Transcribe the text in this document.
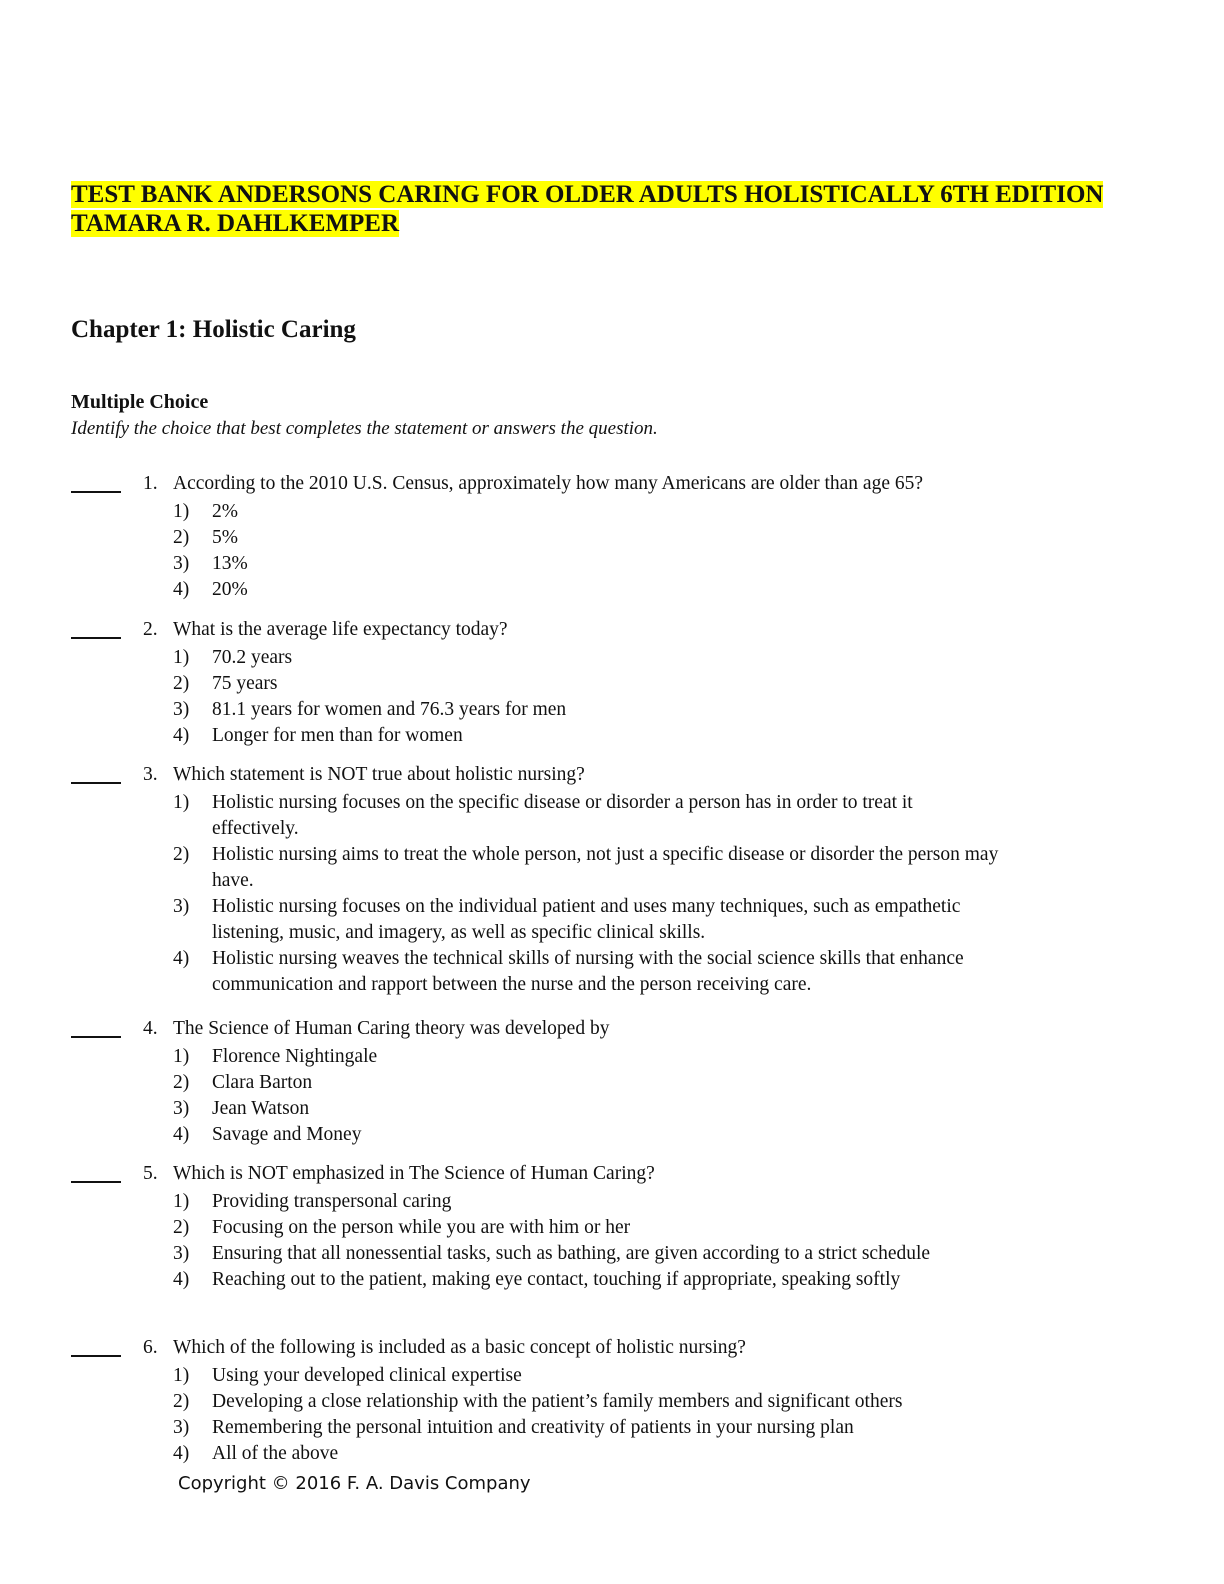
TEST BANK ANDERSONS CARING FOR OLDER ADULTS HOLISTICALLY 6TH EDITION TAMARA R. DAHLKEMPER
Chapter 1: Holistic Caring
Multiple Choice
Identify the choice that best completes the statement or answers the question.
1. According to the 2010 U.S. Census, approximately how many Americans are older than age 65?
1) 2%
2) 5%
3) 13%
4) 20%
2. What is the average life expectancy today?
1) 70.2 years
2) 75 years
3) 81.1 years for women and 76.3 years for men
4) Longer for men than for women
3. Which statement is NOT true about holistic nursing?
1) Holistic nursing focuses on the specific disease or disorder a person has in order to treat it effectively.
2) Holistic nursing aims to treat the whole person, not just a specific disease or disorder the person may have.
3) Holistic nursing focuses on the individual patient and uses many techniques, such as empathetic listening, music, and imagery, as well as specific clinical skills.
4) Holistic nursing weaves the technical skills of nursing with the social science skills that enhance communication and rapport between the nurse and the person receiving care.
4. The Science of Human Caring theory was developed by
1) Florence Nightingale
2) Clara Barton
3) Jean Watson
4) Savage and Money
5. Which is NOT emphasized in The Science of Human Caring?
1) Providing transpersonal caring
2) Focusing on the person while you are with him or her
3) Ensuring that all nonessential tasks, such as bathing, are given according to a strict schedule
4) Reaching out to the patient, making eye contact, touching if appropriate, speaking softly
6. Which of the following is included as a basic concept of holistic nursing?
1) Using your developed clinical expertise
2) Developing a close relationship with the patient’s family members and significant others
3) Remembering the personal intuition and creativity of patients in your nursing plan
4) All of the above
Copyright © 2016 F. A. Davis Company
